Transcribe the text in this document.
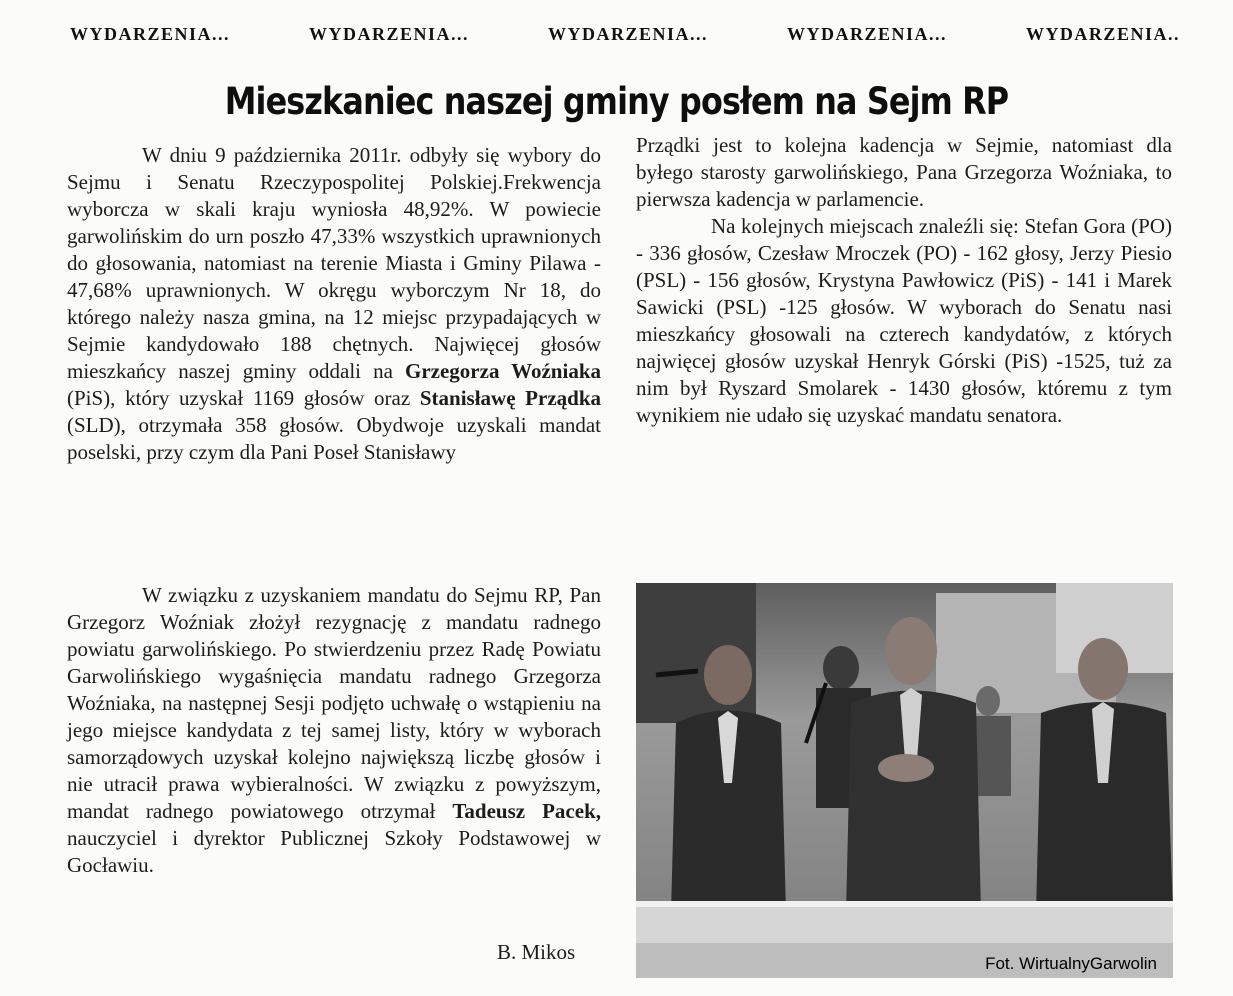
WYDARZENIA...	WYDARZENIA...	WYDARZENIA...	WYDARZENIA...	WYDARZENIA..
Mieszkaniec naszej gminy posłem na Sejm RP

W dniu 9 października 2011r. odbyły się wybory do Sejmu i Senatu Rzeczypospolitej Polskiej.Frekwencja wyborcza w skali kraju wyniosła 48,92%. W powiecie garwolińskim do urn poszło 47,33% wszystkich uprawnionych do głosowania, natomiast na terenie Miasta i Gminy Pilawa - 47,68% uprawnionych. W okręgu wyborczym Nr 18, do którego należy nasza gmina, na 12 miejsc przypadających w Sejmie kandydowało 188 chętnych. Najwięcej głosów mieszkańcy naszej gminy oddali na Grzegorza Woźniaka (PiS), który uzyskał 1169 głosów oraz Stanisławę Prządka (SLD), otrzymała 358 głosów. Obydwoje uzyskali mandat poselski, przy czym dla Pani Poseł Stanisławy

Prządki jest to kolejna kadencja w Sejmie, natomiast dla byłego starosty garwolińskiego, Pana Grzegorza Woźniaka, to pierwsza kadencja w parlamencie.

Na kolejnych miejscach znaleźli się: Stefan Gora (PO) - 336 głosów, Czesław Mroczek (PO) - 162 głosy, Jerzy Piesio (PSL) - 156 głosów, Krystyna Pawłowicz (PiS) - 141 i Marek Sawicki (PSL) -125 głosów. W wyborach do Senatu nasi mieszkańcy głosowali na czterech kandydatów, z których najwięcej głosów uzyskał Henryk Górski (PiS) -1525, tuż za nim był Ryszard Smolarek - 1430 głosów, któremu z tym wynikiem nie udało się uzyskać mandatu senatora.

W związku z uzyskaniem mandatu do Sejmu RP, Pan Grzegorz Woźniak złożył rezygnację z mandatu radnego powiatu garwolińskiego. Po stwierdzeniu przez Radę Powiatu Garwolińskiego wygaśnięcia mandatu radnego Grzegorza Woźniaka, na następnej Sesji podjęto uchwałę o wstąpieniu na jego miejsce kandydata z tej samej listy, który w wyborach samorządowych uzyskał kolejno największą liczbę głosów i nie utracił prawa wybieralności. W związku z powyższym, mandat radnego powiatowego otrzymał Tadeusz Pacek, nauczyciel i dyrektor Publicznej Szkoły Podstawowej w Gocławiu.

B. Mikos	Fot. WirtualnyGarwolin
